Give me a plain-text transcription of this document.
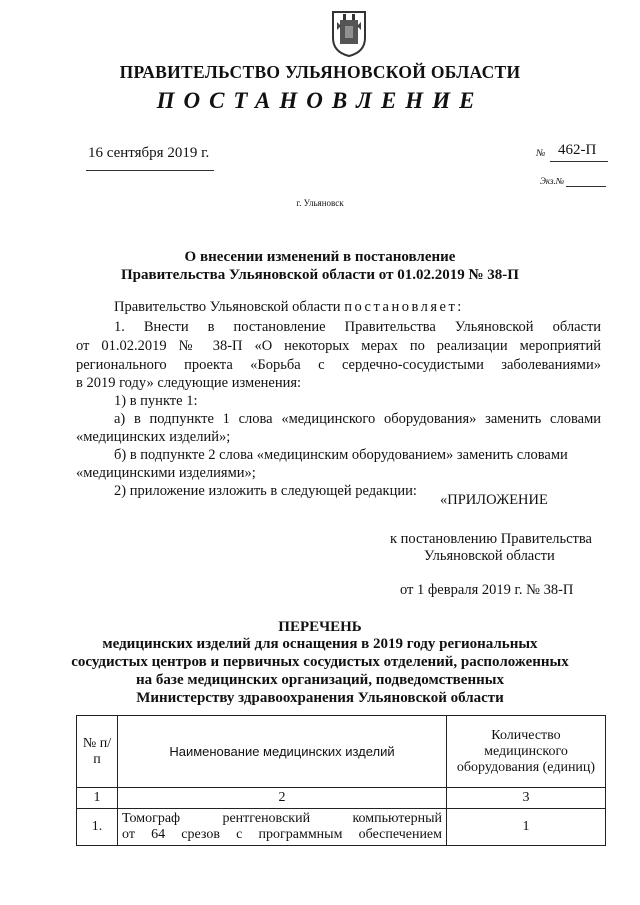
ПРАВИТЕЛЬСТВО УЛЬЯНОВСКОЙ ОБЛАСТИ
ПОСТАНОВЛЕНИЕ
16 сентября 2019 г.	№ 462-П
Экз.№
г. Ульяновск
О внесении изменений в постановление
Правительства Ульяновской области от 01.02.2019 № 38-П
Правительство Ульяновской области постановляет:
1. Внести в постановление Правительства Ульяновской области
от 01.02.2019 № 38-П «О некоторых мерах по реализации мероприятий
регионального проекта «Борьба с сердечно-сосудистыми заболеваниями»
в 2019 году» следующие изменения:
1) в пункте 1:
а) в подпункте 1 слова «медицинского оборудования» заменить словами
«медицинских изделий»;
б) в подпункте 2 слова «медицинским оборудованием» заменить словами
«медицинскими изделиями»;
2) приложение изложить в следующей редакции:
«ПРИЛОЖЕНИЕ
к постановлению Правительства
Ульяновской области
от 1 февраля 2019 г. № 38-П
ПЕРЕЧЕНЬ
медицинских изделий для оснащения в 2019 году региональных
сосудистых центров и первичных сосудистых отделений, расположенных
на базе медицинских организаций, подведомственных
Министерству здравоохранения Ульяновской области
№ п/п	Наименование медицинских изделий	Количество медицинского оборудования (единиц)
1	2	3
1.	Томограф рентгеновский компьютерный
от 64 срезов с программным обеспечением	1
